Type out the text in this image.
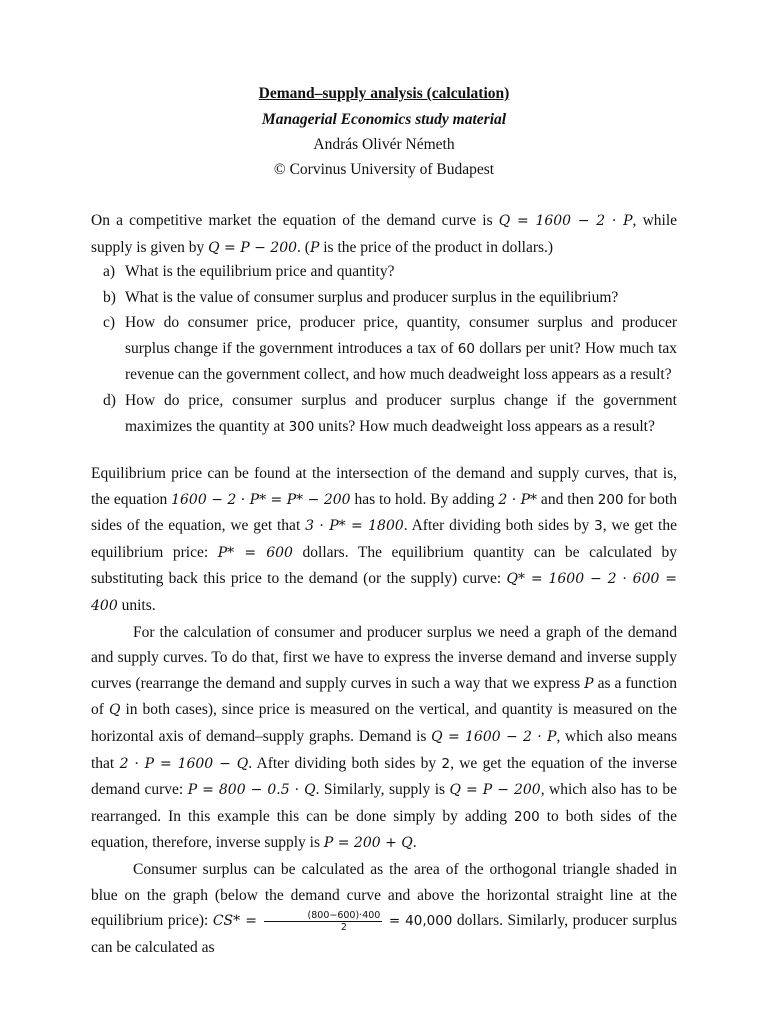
Demand–supply analysis (calculation)
Managerial Economics study material
András Olivér Németh
© Corvinus University of Budapest

On a competitive market the equation of the demand curve is Q = 1600 − 2 · P, while supply is given by Q = P − 200. (P is the price of the product in dollars.)

a) What is the equilibrium price and quantity?
b) What is the value of consumer surplus and producer surplus in the equilibrium?
c) How do consumer price, producer price, quantity, consumer surplus and producer surplus change if the government introduces a tax of 60 dollars per unit? How much tax revenue can the government collect, and how much deadweight loss appears as a result?
d) How do price, consumer surplus and producer surplus change if the government maximizes the quantity at 300 units? How much deadweight loss appears as a result?

Equilibrium price can be found at the intersection of the demand and supply curves, that is, the equation 1600 − 2 · P* = P* − 200 has to hold. By adding 2 · P* and then 200 for both sides of the equation, we get that 3 · P* = 1800. After dividing both sides by 3, we get the equilibrium price: P* = 600 dollars. The equilibrium quantity can be calculated by substituting back this price to the demand (or the supply) curve: Q* = 1600 − 2 · 600 = 400 units.

For the calculation of consumer and producer surplus we need a graph of the demand and supply curves. To do that, first we have to express the inverse demand and inverse supply curves (rearrange the demand and supply curves in such a way that we express P as a function of Q in both cases), since price is measured on the vertical, and quantity is measured on the horizontal axis of demand–supply graphs. Demand is Q = 1600 − 2 · P, which also means that 2 · P = 1600 − Q. After dividing both sides by 2, we get the equation of the inverse demand curve: P = 800 − 0.5 · Q. Similarly, supply is Q = P − 200, which also has to be rearranged. In this example this can be done simply by adding 200 to both sides of the equation, therefore, inverse supply is P = 200 + Q.

Consumer surplus can be calculated as the area of the orthogonal triangle shaded in blue on the graph (below the demand curve and above the horizontal straight line at the equilibrium price): $CS* = \frac{(800-600)\cdot 400}{2} = 40,000$ dollars. Similarly, producer surplus can be calculated as
